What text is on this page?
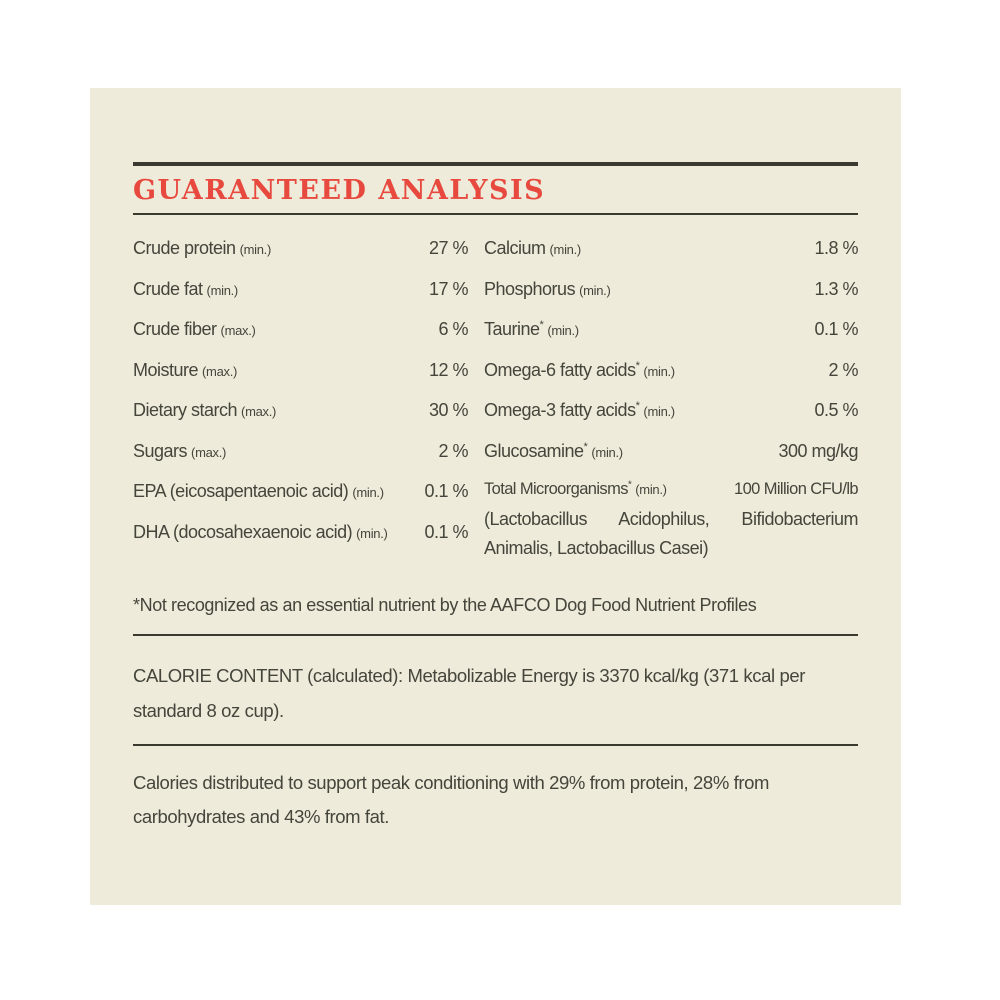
GUARANTEED ANALYSIS
Crude protein (min.)	27 %
Crude fat (min.)	17 %
Crude fiber (max.)	6 %
Moisture (max.)	12 %
Dietary starch (max.)	30 %
Sugars (max.)	2 %
EPA (eicosapentaenoic acid) (min.) 0.1 %
DHA (docosahexaenoic acid) (min.) 0.1 %
Calcium (min.)	1.8 %
Phosphorus (min.)	1.3 %
Taurine* (min.)	0.1 %
Omega-6 fatty acids* (min.)	2 %
Omega-3 fatty acids* (min.)	0.5 %
Glucosamine* (min.)	300 mg/kg
Total Microorganisms* (min.)	100 Million CFU/lb
(Lactobacillus Acidophilus, Bifidobacterium Animalis, Lactobacillus Casei)
*Not recognized as an essential nutrient by the AAFCO Dog Food Nutrient Profiles
CALORIE CONTENT (calculated): Metabolizable Energy is 3370 kcal/kg (371 kcal per standard 8 oz cup).
Calories distributed to support peak conditioning with 29% from protein, 28% from carbohydrates and 43% from fat.
